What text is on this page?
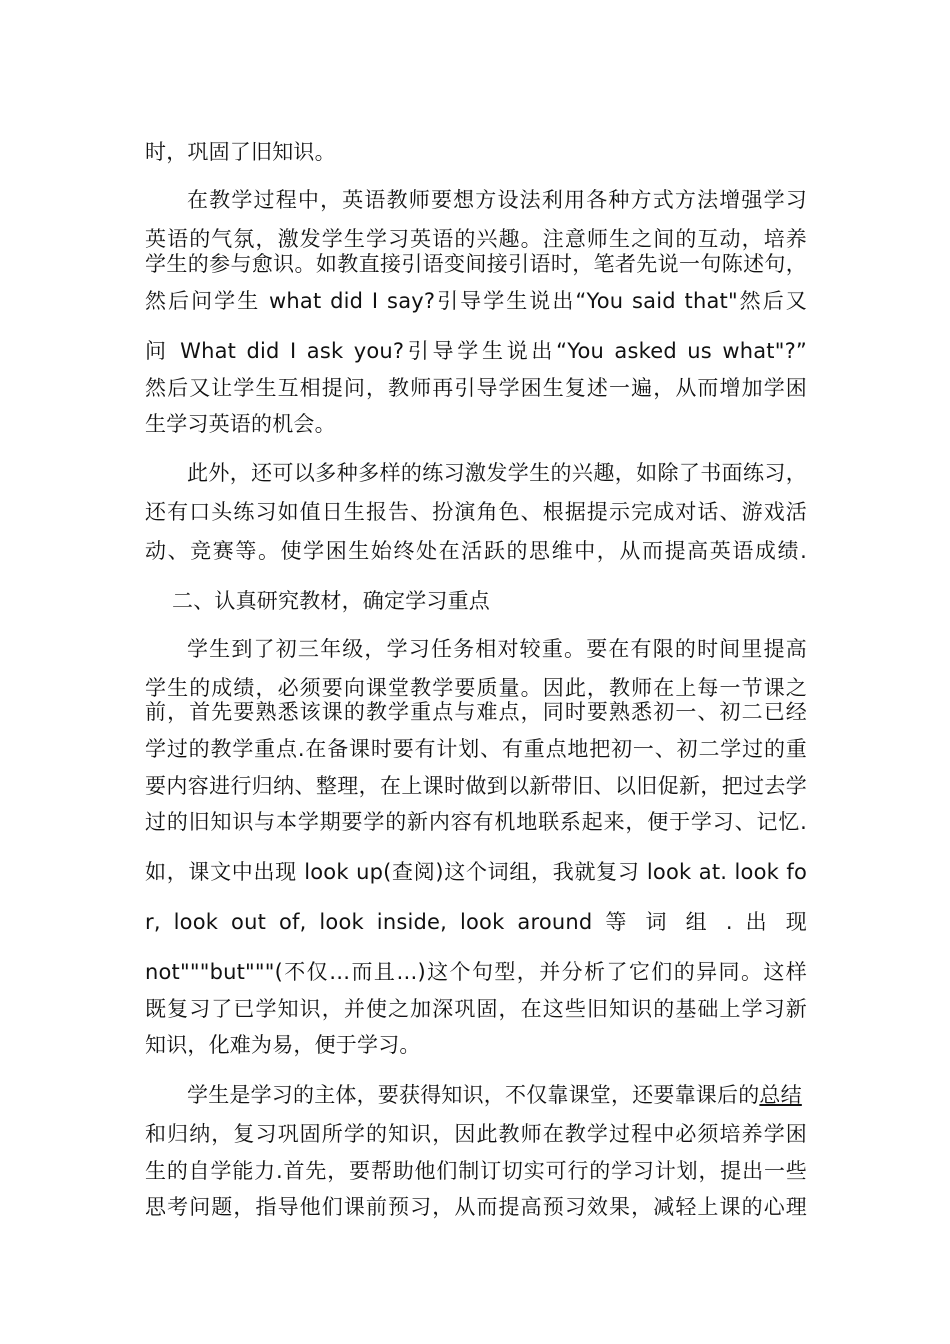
时，巩固了旧知识。
在教学过程中，英语教师要想方设法利用各种方式方法增强学习
英语的气氛，激发学生学习英语的兴趣。注意师生之间的互动，培养
学生的参与愈识。如教直接引语变间接引语时，笔者先说一句陈述句，
然后问学生 what did I say?引导学生说出“You said that"然后又
问 What did I ask you?引导学生说出“You asked us what"?”
然后又让学生互相提问，教师再引导学困生复述一遍，从而增加学困
生学习英语的机会。
此外，还可以多种多样的练习激发学生的兴趣，如除了书面练习，
还有口头练习如值日生报告、扮演角色、根据提示完成对话、游戏活
动、竞赛等。使学困生始终处在活跃的思维中，从而提高英语成绩.
二、认真研究教材，确定学习重点
学生到了初三年级，学习任务相对较重。要在有限的时间里提高
学生的成绩，必须要向课堂教学要质量。因此，教师在上每一节课之
前，首先要熟悉该课的教学重点与难点，同时要熟悉初一、初二已经
学过的教学重点.在备课时要有计划、有重点地把初一、初二学过的重
要内容进行归纳、整理，在上课时做到以新带旧、以旧促新，把过去学
过的旧知识与本学期要学的新内容有机地联系起来，便于学习、记忆.
如，课文中出现 look up(查阅)这个词组，我就复习 look at. look fo
r, look out of, look inside, look around 等 词 组 . 出 现
not"""but"""(不仅…而且…)这个句型，并分析了它们的异同。这样
既复习了已学知识，并使之加深巩固，在这些旧知识的基础上学习新
知识，化难为易，便于学习。
学生是学习的主体，要获得知识，不仅靠课堂，还要靠课后的总结
和归纳，复习巩固所学的知识，因此教师在教学过程中必须培养学困
生的自学能力.首先，要帮助他们制订切实可行的学习计划，提出一些
思考问题，指导他们课前预习，从而提高预习效果，减轻上课的心理
